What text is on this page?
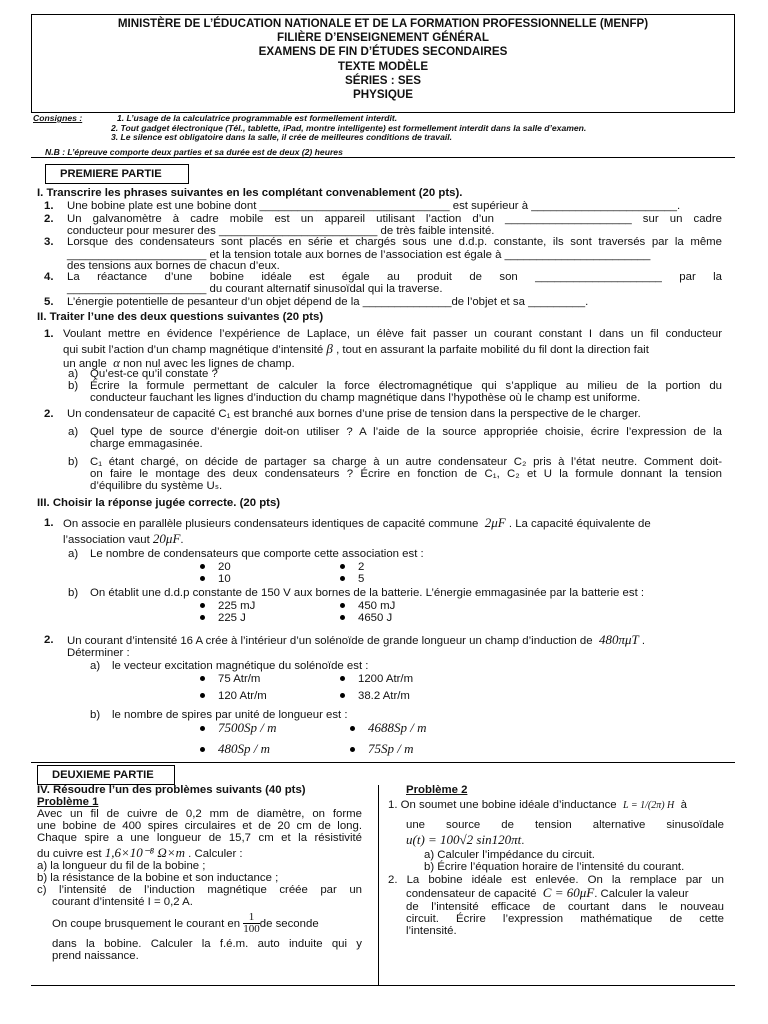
MINISTÈRE DE L’ÉDUCATION NATIONALE ET DE LA FORMATION PROFESSIONNELLE (MENFP)
FILIÈRE D’ENSEIGNEMENT GÉNÉRAL
EXAMENS DE FIN D’ÉTUDES SECONDAIRES
TEXTE MODÈLE
SÉRIES : SES
PHYSIQUE
Consignes :	1. L’usage de la calculatrice programmable est formellement interdit.
2. Tout gadget électronique (Tél., tablette, iPad, montre intelligente) est formellement interdit dans la salle d’examen.
3. Le silence est obligatoire dans la salle, il crée de meilleures conditions de travail.
N.B : L’épreuve comporte deux parties et sa durée est de deux (2) heures
PREMIERE PARTIE
I. Transcrire les phrases suivantes en les complétant convenablement (20 pts).
1. Une bobine plate est une bobine dont ______________________________ est supérieur à _______________________.
2. Un galvanomètre à cadre mobile est un appareil utilisant l’action d’un ____________________ sur un cadre
conducteur pour mesurer des _________________________ de très faible intensité.
3. Lorsque des condensateurs sont placés en série et chargés sous une d.d.p. constante, ils sont traversés par la même
______________________ et la tension totale aux bornes de l’association est égale à _______________________
des tensions aux bornes de chacun d’eux.
4. La réactance d’une bobine idéale est égale au produit de son ____________________ par la
______________________ du courant alternatif sinusoïdal qui la traverse.
5. L’énergie potentielle de pesanteur d’un objet dépend de la ______________de l’objet et sa _________.
II. Traiter l’une des deux questions suivantes (20 pts)
1. Voulant mettre en évidence l’expérience de Laplace, un élève fait passer un courant constant I dans un fil conducteur
qui subit l’action d’un champ magnétique d’intensité β , tout en assurant la parfaite mobilité du fil dont la direction fait
un angle α non nul avec les lignes de champ.
a) Qu’est-ce qu’il constate ?
b) Écrire la formule permettant de calculer la force électromagnétique qui s’applique au milieu de la portion du
conducteur fauchant les lignes d’induction du champ magnétique dans l’hypothèse où le champ est uniforme.
2. Un condensateur de capacité C₁ est branché aux bornes d’une prise de tension dans la perspective de le charger.
a) Quel type de source d’énergie doit-on utiliser ? A l’aide de la source appropriée choisie, écrire l’expression de la
charge emmagasinée.
b) C₁ étant chargé, on décide de partager sa charge à un autre condensateur C₂ pris à l’état neutre. Comment doit-
on faire le montage des deux condensateurs ? Écrire en fonction de C₁, C₂ et U la formule donnant la tension
d’équilibre du système Uₛ.
III. Choisir la réponse jugée correcte. (20 pts)
1. On associe en parallèle plusieurs condensateurs identiques de capacité commune 2μF . La capacité équivalente de
l’association vaut 20μF.
a) Le nombre de condensateurs que comporte cette association est :
20	2
10	5
b) On établit une d.d.p constante de 150 V aux bornes de la batterie. L’énergie emmagasinée par la batterie est :
225 mJ	450 mJ
225 J	4650 J
2. Un courant d’intensité 16 A crée à l’intérieur d’un solénoïde de grande longueur un champ d’induction de 480πμT .
Déterminer :
a) le vecteur excitation magnétique du solénoïde est :
75 Atr/m	1200 Atr/m
120 Atr/m	38.2 Atr/m
b) le nombre de spires par unité de longueur est :
7500Sp / m	4688Sp / m
480Sp / m	75Sp / m
DEUXIEME PARTIE
IV. Résoudre l’un des problèmes suivants (40 pts)
Problème 1
Avec un fil de cuivre de 0,2 mm de diamètre, on forme
une bobine de 400 spires circulaires et de 20 cm de long.
Chaque spire a une longueur de 15,7 cm et la résistivité
du cuivre est 1,6×10⁻⁸ Ω×m . Calculer :
a) la longueur du fil de la bobine ;
b) la résistance de la bobine et son inductance ;
c) l’intensité de l’induction magnétique créée par un
courant d’intensité I = 0,2 A.
On coupe brusquement le courant en $\frac{1}{100}de$ seconde
dans la bobine. Calculer la f.é.m. auto induite qui y
prend naissance.
Problème 2
1. On soumet une bobine idéale d’inductance L = 1/(2π) H à
une source de tension alternative sinusoïdale
u(t) = 100√2 sin120πt.
a) Calculer l’impédance du circuit.
b) Écrire l’équation horaire de l’intensité du courant.
2. La bobine idéale est enlevée. On la remplace par un
condensateur de capacité C = 60μF. Calculer la valeur
de l’intensité efficace de courtant dans le nouveau
circuit. Écrire l’expression mathématique de cette
l’intensité.
